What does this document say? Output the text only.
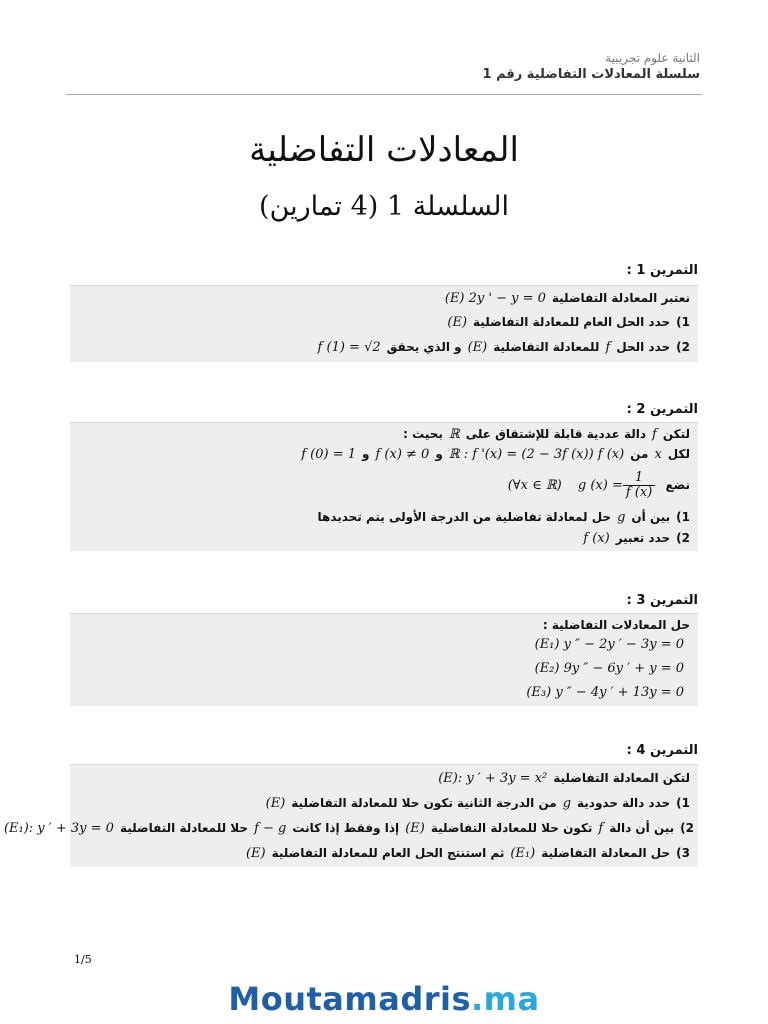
الثانية علوم تجريبية
سلسلة المعادلات التفاضلية رقم 1
المعادلات التفاضلية
السلسلة 1 (4 تمارين)
التمرين 1 :
نعتبر المعادلة التفاضلية(E) 2y ' − y = 0
1)حدد الحل العام للمعادلة التفاضلية(E)
2)حدد الحلfللمعادلة التفاضلية(E)و الذي يحققf (1) = √2
التمرين 2 :
لتكنfدالة عددية قابلة للإشتقاق علىℝبحيث :
لكلxمنℝ : f '(x) = (2 − 3f (x)) f (x)وf (x) ≠ 0وf (0) = 1
نضع g $(x) = \frac{1}{f (x)}$
(∀x ∈ ℝ)
1)بين أنgحل لمعادلة تفاضلية من الدرجة الأولى يتم تحديدها
2)حدد تعبيرf (x)
التمرين 3 :
حل المعادلات التفاضلية :
(E₁) y ″ − 2y ′ − 3y = 0
(E₂) 9y ″ − 6y ′ + y = 0
(E₃) y ″ − 4y ′ + 13y = 0
التمرين 4 :
لتكن المعادلة التفاضلية(E): y ′ + 3y = x²
1)حدد دالة حدوديةgمن الدرجة الثانية تكون حلا للمعادلة التفاضلية(E)
2)بين أن دالةfتكون حلا للمعادلة التفاضلية(E)إذا وفقط إذا كانتf − gحلا للمعادلة التفاضلية(E₁): y ′ + 3y = 0
3)حل المعادلة التفاضلية(E₁)ثم استنتج الحل العام للمعادلة التفاضلية(E)
1/5
Moutamadris.ma
